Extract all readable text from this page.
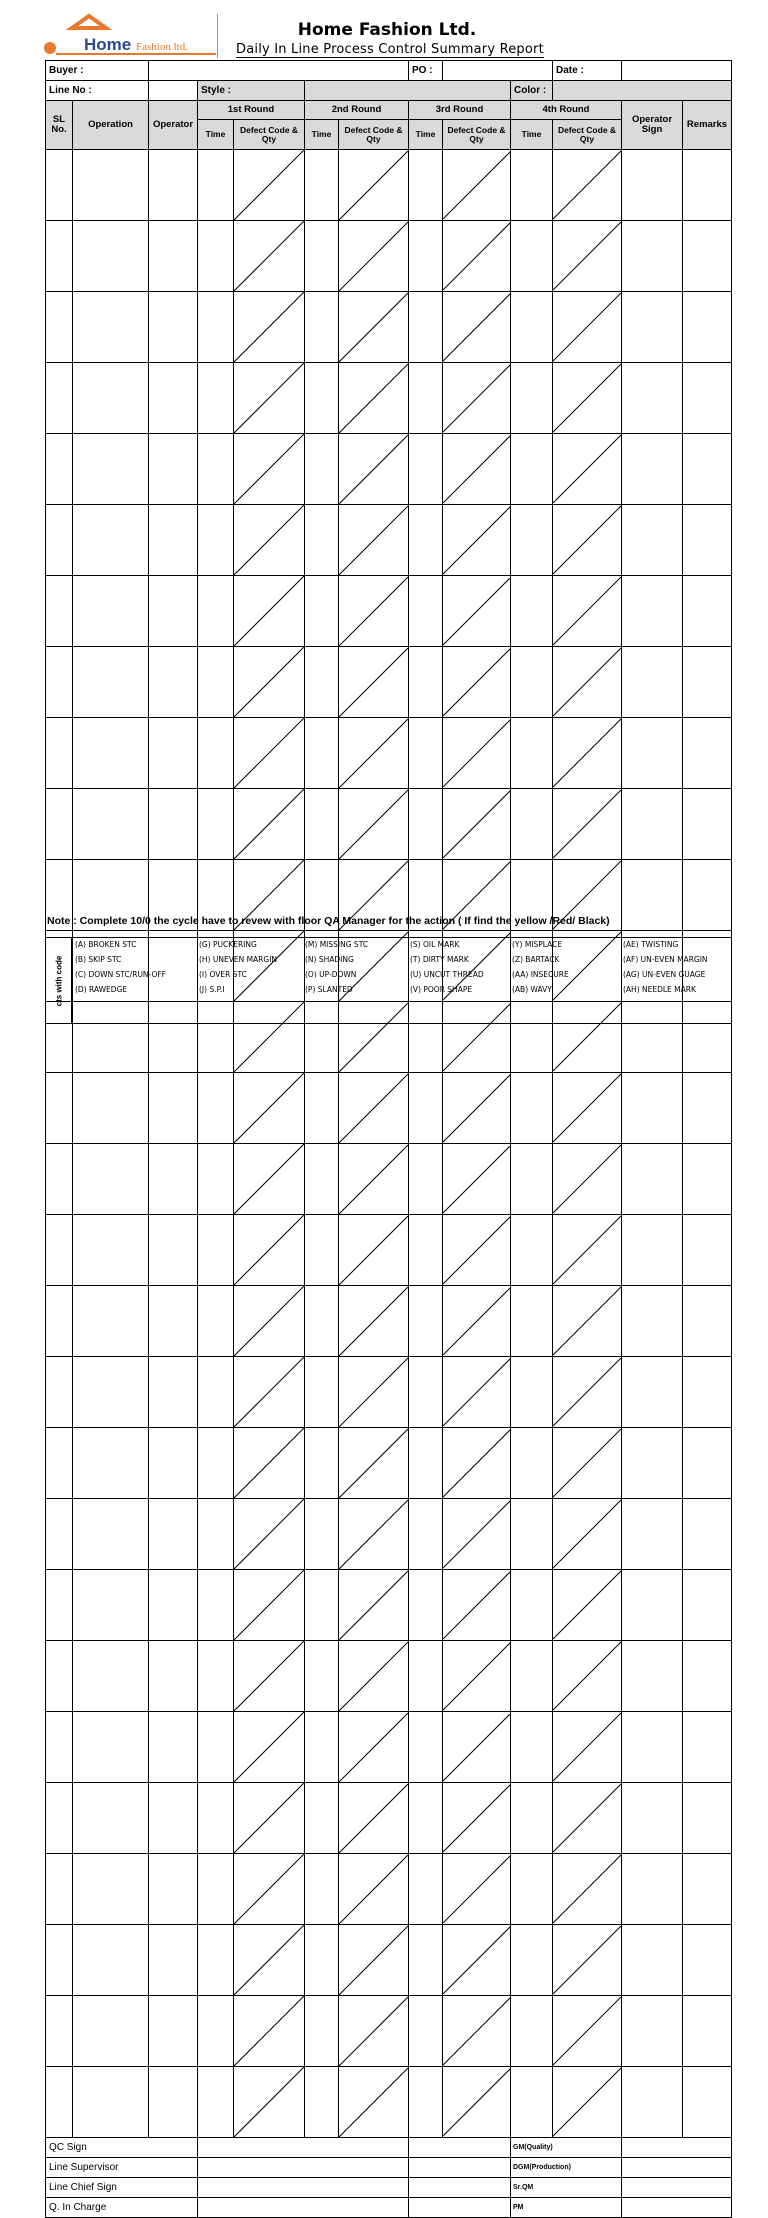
Home Fashion ltd.
Home Fashion Ltd.
Daily In Line Process Control Summary Report
Buyer :							PO :			Date :		
Line No :			Style :						Color :			
SL No.	Operation	Operator	1st Round		2nd Round		3rd Round		4th Round		Operator Sign	Remarks
			Time	Defect Code & Qty	Time	Defect Code & Qty	Time	Defect Code & Qty	Time	Defect Code & Qty		

QC Sign									GM(Quality)			
Line Supervisor									DGM(Production)			
Line Chief Sign									Sr.QM			
Q. In Charge									PM			
Note : Complete 10/0 the cycle have to revew with floor QA Manager for the action ( If find the yellow /Red/ Black)
cts with code
(A) BROKEN STC	(G) PUCKERING	(M) MISSING STC	(S) OIL MARK	(Y) MISPLACE	(AE) TWISTING
(B) SKIP STC	(H) UNEVEN MARGIN	(N) SHADING	(T) DIRTY MARK	(Z) BARTACK	(AF) UN-EVEN MARGIN
(C) DOWN STC/RUN-OFF	(I) OVER STC	(O) UP-DOWN	(U) UNCUT THREAD	(AA) INSECURE	(AG) UN-EVEN GUAGE
(D) RAWEDGE	(J) S.P.I	(P) SLANTED	(V) POOR SHAPE	(AB) WAVY	(AH) NEEDLE MARK
